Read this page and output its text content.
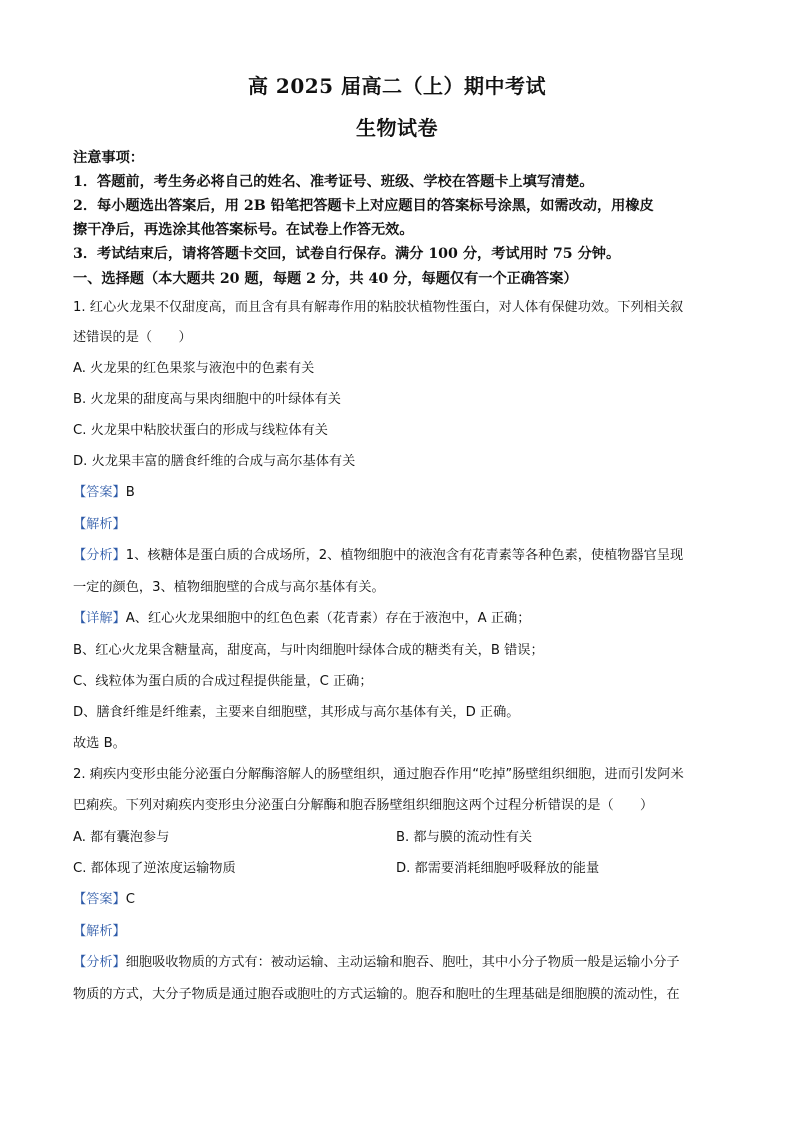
高 2025 届高二（上）期中考试
生物试卷
注意事项：
1．答题前，考生务必将自己的姓名、准考证号、班级、学校在答题卡上填写清楚。
2．每小题选出答案后，用 2B 铅笔把答题卡上对应题目的答案标号涂黑，如需改动，用橡皮
擦干净后，再选涂其他答案标号。在试卷上作答无效。
3．考试结束后，请将答题卡交回，试卷自行保存。满分 100 分，考试用时 75 分钟。
一、选择题（本大题共 20 题，每题 2 分，共 40 分，每题仅有一个正确答案）
1. 红心火龙果不仅甜度高，而且含有具有解毒作用的粘胶状植物性蛋白，对人体有保健功效。下列相关叙
述错误的是（　　）
A. 火龙果的红色果浆与液泡中的色素有关
B. 火龙果的甜度高与果肉细胞中的叶绿体有关
C. 火龙果中粘胶状蛋白的形成与线粒体有关
D. 火龙果丰富的膳食纤维的合成与高尔基体有关
【答案】B
【解析】
【分析】1、核糖体是蛋白质的合成场所，2、植物细胞中的液泡含有花青素等各种色素，使植物器官呈现
一定的颜色，3、植物细胞壁的合成与高尔基体有关。
【详解】A、红心火龙果细胞中的红色色素（花青素）存在于液泡中，A 正确；
B、红心火龙果含糖量高，甜度高，与叶肉细胞叶绿体合成的糖类有关，B 错误；
C、线粒体为蛋白质的合成过程提供能量，C 正确；
D、膳食纤维是纤维素，主要来自细胞壁，其形成与高尔基体有关，D 正确。
故选 B。
2. 痢疾内变形虫能分泌蛋白分解酶溶解人的肠壁组织，通过胞吞作用“吃掉”肠壁组织细胞，进而引发阿米
巴痢疾。下列对痢疾内变形虫分泌蛋白分解酶和胞吞肠壁组织细胞这两个过程分析错误的是（　　）
A. 都有囊泡参与	B. 都与膜的流动性有关
C. 都体现了逆浓度运输物质	D. 都需要消耗细胞呼吸释放的能量
【答案】C
【解析】
【分析】细胞吸收物质的方式有：被动运输、主动运输和胞吞、胞吐，其中小分子物质一般是运输小分子
物质的方式，大分子物质是通过胞吞或胞吐的方式运输的。胞吞和胞吐的生理基础是细胞膜的流动性，在
